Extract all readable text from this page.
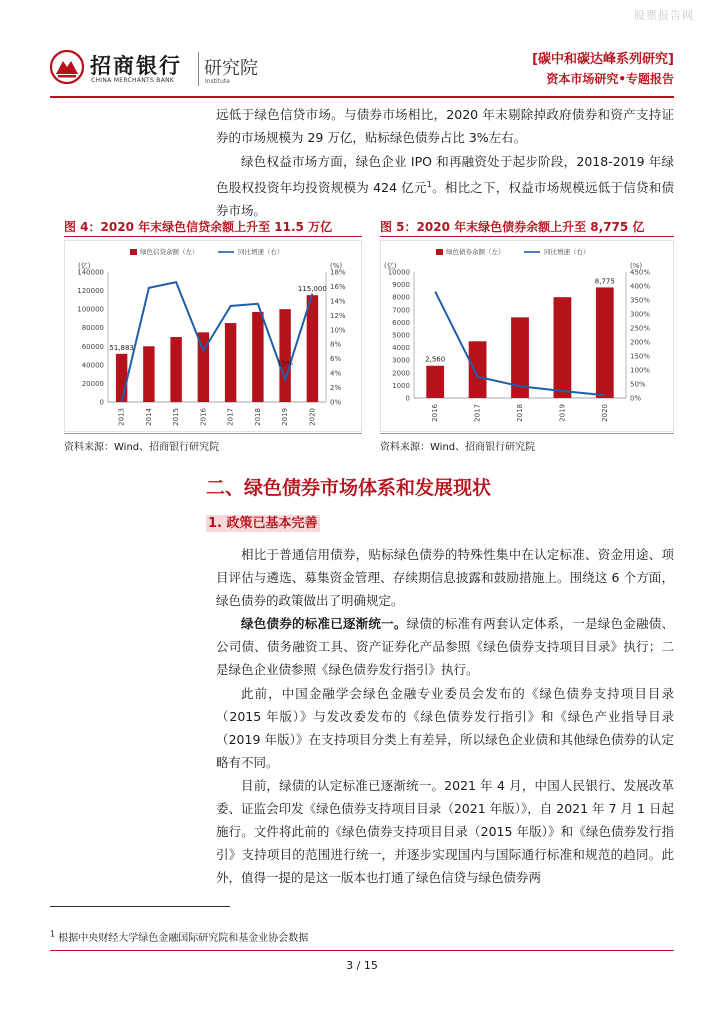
股票报告网
招商银行
CHINA MERCHANTS BANK
研究院
Institute
[碳中和碳达峰系列研究]
资本市场研究•专题报告
远低于绿色信贷市场。与债券市场相比，2020 年末剔除掉政府债券和资产支持证券的市场规模为 29 万亿，贴标绿色债券占比 3%左右。
绿色权益市场方面，绿色企业 IPO 和再融资处于起步阶段，2018-2019 年绿色股权投资年均投资规模为 424 亿元$^1$。相比之下，权益市场规模远低于信贷和债券市场。
图 4：2020 年末绿色信贷余额上升至 11.5 万亿
(亿)	(%)
0
20000
40000
60000
80000
100000
120000
140000
0%
2%
4%
6%
8%
10%
12%
14%
16%
18%
绿色信贷余额（左）	同比增速（右）
2013	2014	2015	2016	2017	2018	2019	2020
51,883
115,000
15%
资料来源：Wind、招商银行研究院
图 5：2020 年末绿色债券余额上升至 8,775 亿
(亿)	(%)
0
1000
2000
3000
4000
5000
6000
7000
8000
9000
10000
0%
50%
100%
150%
200%
250%
300%
350%
400%
450%
绿色债券余额（左）	同比增速（右）
2016	2017	2018	2019	2020
2,560
8,775
资料来源：Wind、招商银行研究院
二、绿色债券市场体系和发展现状
1. 政策已基本完善
相比于普通信用债券，贴标绿色债券的特殊性集中在认定标准、资金用途、项目评估与遴选、募集资金管理、存续期信息披露和鼓励措施上。围绕这 6 个方面，绿色债券的政策做出了明确规定。
绿色债券的标准已逐渐统一。绿债的标准有两套认定体系，一是绿色金融债、公司债、债务融资工具、资产证券化产品参照《绿色债券支持项目目录》执行；二是绿色企业债参照《绿色债券发行指引》执行。
此前，中国金融学会绿色金融专业委员会发布的《绿色债券支持项目目录（2015 年版）》与发改委发布的《绿色债券发行指引》和《绿色产业指导目录（2019 年版）》在支持项目分类上有差异，所以绿色企业债和其他绿色债券的认定略有不同。
目前，绿债的认定标准已逐渐统一。2021 年 4 月，中国人民银行、发展改革委、证监会印发《绿色债券支持项目目录（2021 年版）》，自 2021 年 7 月 1 日起施行。文件将此前的《绿色债券支持项目目录（2015 年版）》和《绿色债券发行指引》支持项目的范围进行统一，并逐步实现国内与国际通行标准和规范的趋同。此外，值得一提的是这一版本也打通了绿色信贷与绿色债券两
$^1$ 根据中央财经大学绿色金融国际研究院和基金业协会数据
3 / 15
